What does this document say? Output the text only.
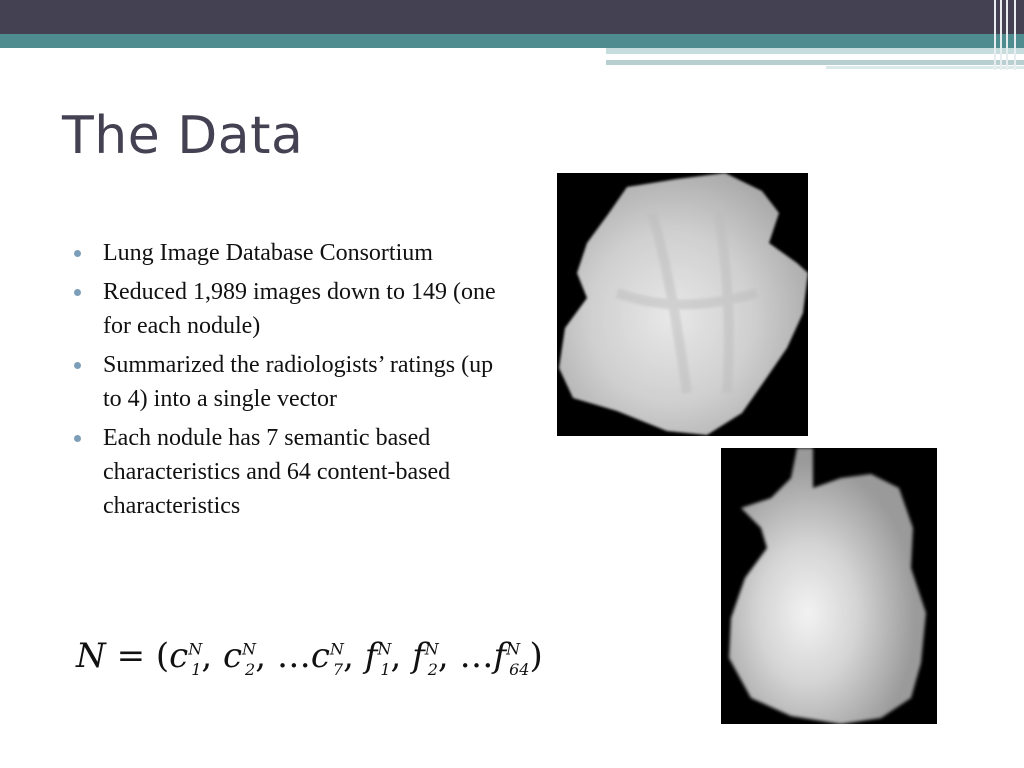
The Data
Lung Image Database Consortium
Reduced 1,989 images down to 149 (one for each nodule)
Summarized the radiologists’ ratings (up to 4) into a single vector
Each nodule has 7 semantic based characteristics and 64 content-based characteristics
$N = (c^N_1$, $c^N_2$, $\dots c^N_7$, $f^N_1$, $f^N_2$, $\dots f^N_{64}$)
